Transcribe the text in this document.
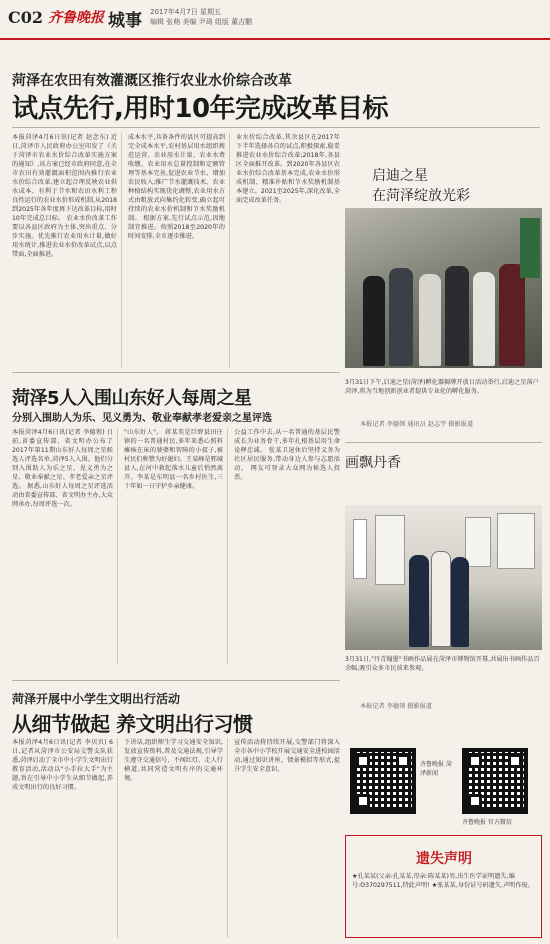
C02 齐鲁晚报 城事 2017年4月7日 星期五
编辑 张萌 美编 尹琦 组版 董吉鹏
菏泽在农田有效灌溉区推行农业水价综合改革
试点先行,用时10年完成改革目标
本报菏泽4月6日讯(记者 赵念东) 近日,菏泽市人民政府办公室印发了《关于菏泽市农业水价综合改革实施方案的通知》,该方案已经市政府同意,在全市农田有效灌溉面积范围内推行农业水价综合改革,建立起合理反映农业供水成本、有利于节水和农田水利工程良性运行的农业水价形成机制,从2018到2025年各年度再下达改革目标,用时10年完成总目标。 农业水价改革工作要以各县区政府为主体,突出重点、分步实施。优先推行农业用水计量,做好用水统计,推进农业水价改革试点,以点带面,全面推进。
成本水平,具备条件的县区可提高到完全成本水平,农村基层用水组织规范运营。农业用水计量、农业水费收缴、农业用水总量控制和定额管理等基本完善,促进农业节水、增加农民收入;推广节水灌溉技术、农业种植结构实现优化调整,农业用水方式由粗放式向集约化转变,确立起可持续的农业水价机制和节水奖励机制。 根据方案,先行试点示范,因地制宜推进。按照2018至2020年的时间安排,全市逐步推进。
业水价综合改革,其余县区在2017年下半年选择各自的试点,积极探索,稳妥推进农业水价综合改革;2018年,各县区全面推开改革。到2020年各县区农业水价综合改革基本完成,农业水价形成机制、精准补贴和节水奖励机制基本建立。2021至2025年,深化改革,全面完成改革任务。
启迪之星
在菏泽绽放光彩
3月31日下午,启迪之星(菏泽)孵化器揭牌开放日活动举行,启迪之星落户菏泽,将为当地创新创业者提供专业化的孵化服务。
本报记者 李德领 通讯员 赵志宇 摄影报道
菏泽5人入围山东好人每周之星
分别入围助人为乐、见义勇为、敬业奉献孝老爱亲之星评选
本报菏泽4月6日讯(记者 李德领) 日前,省委宣传部、省文明办公布了2017年第11期山东好人每周之星候选人评选名单,菏泽5人入围。他们分别入围助人为乐之星、见义勇为之星、敬业奉献之星、孝老爱亲之星评选。 据悉,山东好人每周之星评选活动由省委宣传部、省文明办主办,大众网承办,每周评选一次。
"山东好人"。 蒋某英是巨野县田庄镇的一名普通村民,多年来悉心照料瘫痪在床的婆婆和智障的小叔子,被村民们称赞为好媳妇。王某峰是郓城县人,在河中救起落水儿童后悄然离开。李某是东明县一名乡村医生,三十年如一日守护乡亲健康。
公益工作中去,从一名普通的基层民警成长为业务骨干,多年扎根基层用生命诠释忠诚。 张某卫退休后坚持义务为社区居民服务,带动身边人参与志愿活动。 网友可登录大众网为候选人投票。
画飘丹香
3月31日,"丹青翰墨"书画作品展在菏泽市博物馆开幕,共展出书画作品百余幅,吸引众多市民前来参观。
本报记者 李德领 摄影报道
菏泽开展中小学生文明出行活动
从细节做起 养文明出行习惯
本报菏泽4月6日讯(记者 李贝贝) 6日,记者从菏泽市公安局交警支队获悉,菏泽启动了全市中小学生文明出行教育活动,活动以"小手拉大手"为主题,旨在引导中小学生从细节做起,养成文明出行的良好习惯。
下讲话,组织师生学习交通安全知识,发放宣传资料,普及交通法规,引导学生遵守交通信号、不闯红灯、走人行横道,共同营造文明有序的交通环境。
宣传活动将持续开展,交警部门将深入全市各中小学校开展交通安全进校园活动,通过知识讲座、情景模拟等形式,提升学生安全意识。
齐鲁晚报 菏泽新闻
齐鲁晚报 官方微信
遗失声明
★孔某某(父亲:孔某某,母亲:陈某某)男,出生医学证明遗失,编号:O370297511,特此声明! ★张某某,身份证号码遗失,声明作废。
